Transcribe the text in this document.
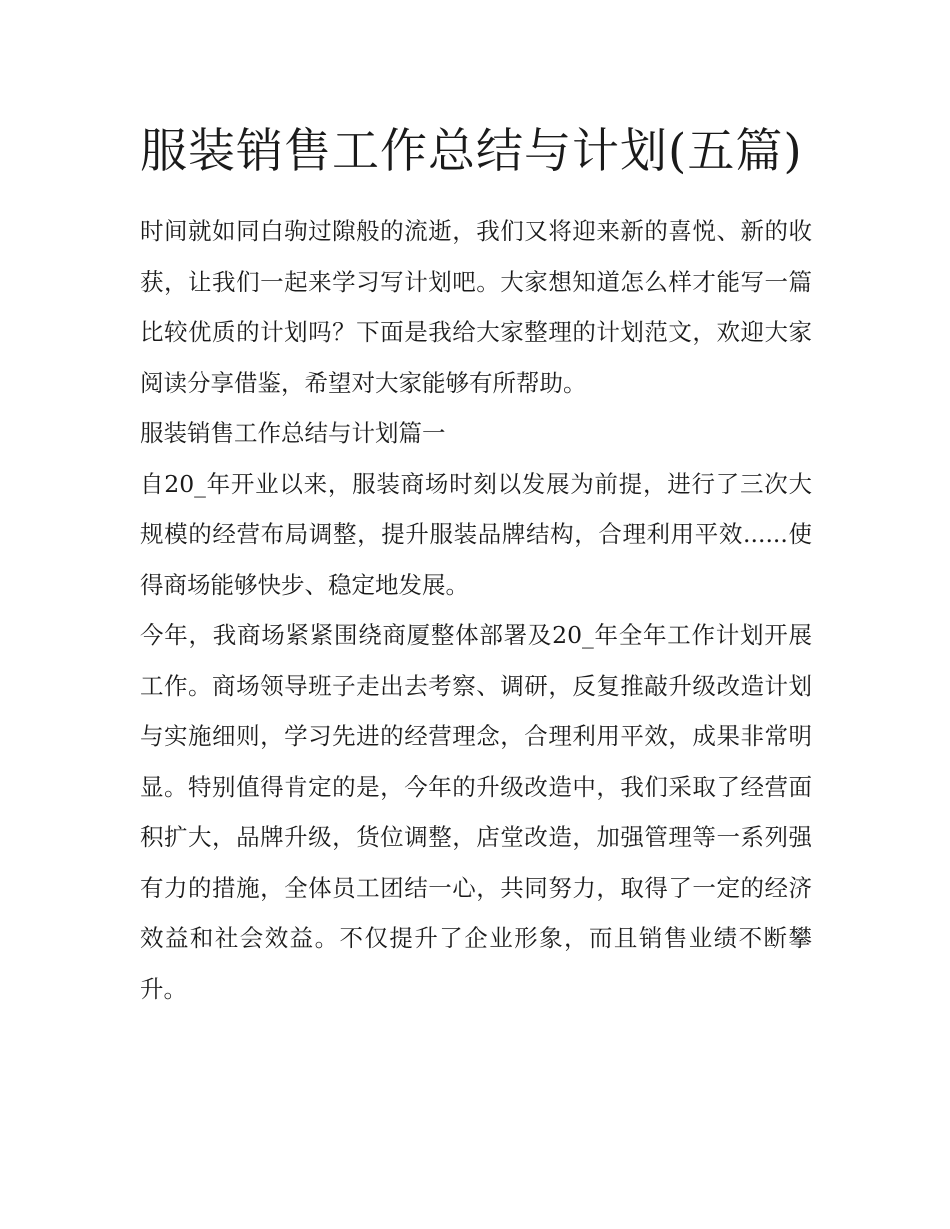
服装销售工作总结与计划(五篇)

时间就如同白驹过隙般的流逝，我们又将迎来新的喜悦、新的收获，让我们一起来学习写计划吧。大家想知道怎么样才能写一篇比较优质的计划吗？下面是我给大家整理的计划范文，欢迎大家阅读分享借鉴，希望对大家能够有所帮助。

服装销售工作总结与计划篇一

自20_年开业以来，服装商场时刻以发展为前提，进行了三次大规模的经营布局调整，提升服装品牌结构，合理利用平效......使得商场能够快步、稳定地发展。

今年，我商场紧紧围绕商厦整体部署及20_年全年工作计划开展工作。商场领导班子走出去考察、调研，反复推敲升级改造计划与实施细则，学习先进的经营理念，合理利用平效，成果非常明显。特别值得肯定的是，今年的升级改造中，我们采取了经营面积扩大，品牌升级，货位调整，店堂改造，加强管理等一系列强有力的措施，全体员工团结一心，共同努力，取得了一定的经济效益和社会效益。不仅提升了企业形象，而且销售业绩不断攀升。
